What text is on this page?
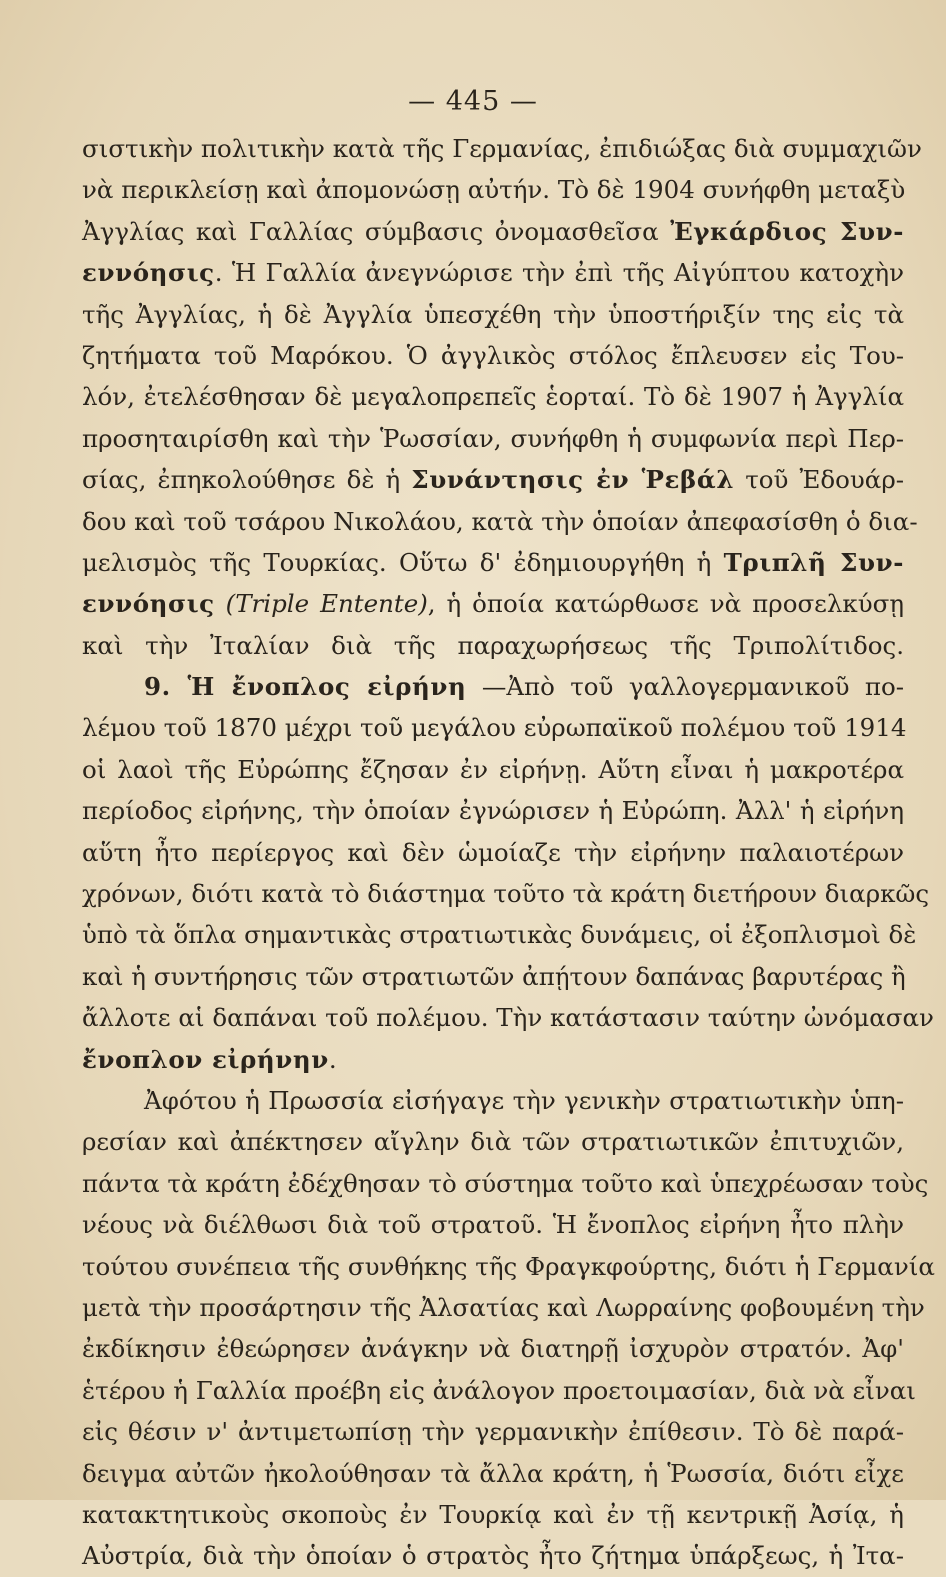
— 445 —
σιστικὴν πολιτικὴν κατὰ τῆς Γερμανίας, ἐπιδιώξας διὰ συμμαχιῶν
νὰ περικλείσῃ καὶ ἀπομονώσῃ αὐτήν. Τὸ δὲ 1904 συνήφθη μεταξὺ
Ἀγγλίας καὶ Γαλλίας σύμβασις ὀνομασθεῖσα Ἐγκάρδιος Συν-
εννόησις. Ἡ Γαλλία ἀνεγνώρισε τὴν ἐπὶ τῆς Αἰγύπτου κατοχὴν
τῆς Ἀγγλίας, ἡ δὲ Ἀγγλία ὑπεσχέθη τὴν ὑποστήριξίν της εἰς τὰ
ζητήματα τοῦ Μαρόκου. Ὁ ἀγγλικὸς στόλος ἔπλευσεν εἰς Του-
λόν, ἐτελέσθησαν δὲ μεγαλοπρεπεῖς ἑορταί. Τὸ δὲ 1907 ἡ Ἀγγλία
προσηταιρίσθη καὶ τὴν Ῥωσσίαν, συνήφθη ἡ συμφωνία περὶ Περ-
σίας, ἐπηκολούθησε δὲ ἡ Συνάντησις ἐν Ῥεβάλ τοῦ Ἐδουάρ-
δου καὶ τοῦ τσάρου Νικολάου, κατὰ τὴν ὁποίαν ἀπεφασίσθη ὁ δια-
μελισμὸς τῆς Τουρκίας. Οὕτω δ' ἐδημιουργήθη ἡ Τριπλῆ Συν-
εννόησις (Triple Entente), ἡ ὁποία κατώρθωσε νὰ προσελκύσῃ
καὶ τὴν Ἰταλίαν διὰ τῆς παραχωρήσεως τῆς Τριπολίτιδος.
9. Ἡ ἔνοπλος εἰρήνη —Ἀπὸ τοῦ γαλλογερμανικοῦ πο-
λέμου τοῦ 1870 μέχρι τοῦ μεγάλου εὐρωπαϊκοῦ πολέμου τοῦ 1914
οἱ λαοὶ τῆς Εὐρώπης ἔζησαν ἐν εἰρήνῃ. Αὕτη εἶναι ἡ μακροτέρα
περίοδος εἰρήνης, τὴν ὁποίαν ἐγνώρισεν ἡ Εὐρώπη. Ἀλλ' ἡ εἰρήνη
αὕτη ἦτο περίεργος καὶ δὲν ὡμοίαζε τὴν εἰρήνην παλαιοτέρων
χρόνων, διότι κατὰ τὸ διάστημα τοῦτο τὰ κράτη διετήρουν διαρκῶς
ὑπὸ τὰ ὅπλα σημαντικὰς στρατιωτικὰς δυνάμεις, οἱ ἐξοπλισμοὶ δὲ
καὶ ἡ συντήρησις τῶν στρατιωτῶν ἀπῄτουν δαπάνας βαρυτέρας ἢ
ἄλλοτε αἱ δαπάναι τοῦ πολέμου. Τὴν κατάστασιν ταύτην ὠνόμασαν
ἔνοπλον εἰρήνην.
Ἀφότου ἡ Πρωσσία εἰσήγαγε τὴν γενικὴν στρατιωτικὴν ὑπη-
ρεσίαν καὶ ἀπέκτησεν αἴγλην διὰ τῶν στρατιωτικῶν ἐπιτυχιῶν,
πάντα τὰ κράτη ἐδέχθησαν τὸ σύστημα τοῦτο καὶ ὑπεχρέωσαν τοὺς
νέους νὰ διέλθωσι διὰ τοῦ στρατοῦ. Ἡ ἔνοπλος εἰρήνη ἦτο πλὴν
τούτου συνέπεια τῆς συνθήκης τῆς Φραγκφούρτης, διότι ἡ Γερμανία
μετὰ τὴν προσάρτησιν τῆς Ἀλσατίας καὶ Λωρραίνης φοβουμένη τὴν
ἐκδίκησιν ἐθεώρησεν ἀνάγκην νὰ διατηρῇ ἰσχυρὸν στρατόν. Ἀφ'
ἑτέρου ἡ Γαλλία προέβη εἰς ἀνάλογον προετοιμασίαν, διὰ νὰ εἶναι
εἰς θέσιν ν' ἀντιμετωπίσῃ τὴν γερμανικὴν ἐπίθεσιν. Τὸ δὲ παρά-
δειγμα αὐτῶν ἠκολούθησαν τὰ ἄλλα κράτη, ἡ Ῥωσσία, διότι εἶχε
κατακτητικοὺς σκοποὺς ἐν Τουρκίᾳ καὶ ἐν τῇ κεντρικῇ Ἀσίᾳ, ἡ
Αὐστρία, διὰ τὴν ὁποίαν ὁ στρατὸς ἦτο ζήτημα ὑπάρξεως, ἡ Ἰτα-
